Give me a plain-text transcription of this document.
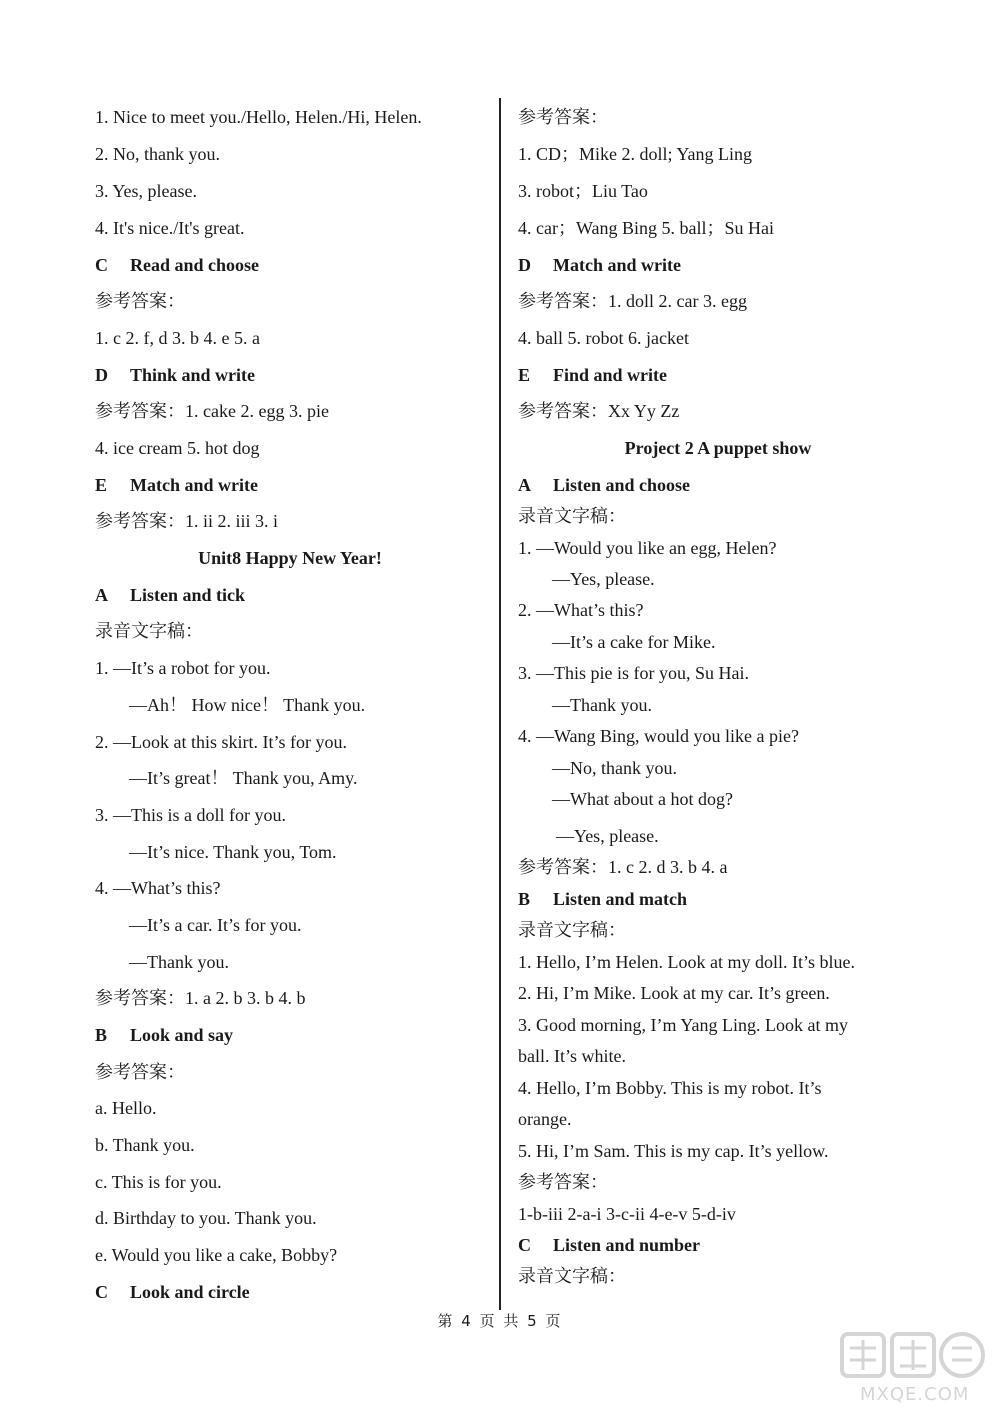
1. Nice to meet you./Hello, Helen./Hi, Helen.
2. No, thank you.
3. Yes, please.
4. It's nice./It's great.
C Read and choose
参考答案：
1. c 2. f, d 3. b 4. e 5. a
D Think and write
参考答案：1. cake 2. egg 3. pie
4. ice cream 5. hot dog
E Match and write
参考答案：1. ii 2. iii 3. i
Unit8 Happy New Year!
A Listen and tick
录音文字稿：
1. —It’s a robot for you.
—Ah！ How nice！ Thank you.
2. —Look at this skirt. It’s for you.
—It’s great！ Thank you, Amy.
3. —This is a doll for you.
—It’s nice. Thank you, Tom.
4. —What’s this?
—It’s a car. It’s for you.
—Thank you.
参考答案：1. a 2. b 3. b 4. b
B Look and say
参考答案：
a. Hello.
b. Thank you.
c. This is for you.
d. Birthday to you. Thank you.
e. Would you like a cake, Bobby?
C Look and circle
参考答案：
1. CD；Mike 2. doll; Yang Ling
3. robot；Liu Tao
4. car；Wang Bing 5. ball；Su Hai
D Match and write
参考答案：1. doll 2. car 3. egg
4. ball 5. robot 6. jacket
E Find and write
参考答案：Xx Yy Zz
Project 2 A puppet show
A Listen and choose
录音文字稿：
1. —Would you like an egg, Helen?
—Yes, please.
2. —What’s this?
—It’s a cake for Mike.
3. —This pie is for you, Su Hai.
—Thank you.
4. —Wang Bing, would you like a pie?
—No, thank you.
—What about a hot dog?
—Yes, please.
参考答案：1. c 2. d 3. b 4. a
B Listen and match
录音文字稿：
1. Hello, I’m Helen. Look at my doll. It’s blue.
2. Hi, I’m Mike. Look at my car. It’s green.
3. Good morning, I’m Yang Ling. Look at my
ball. It’s white.
4. Hello, I’m Bobby. This is my robot. It’s
orange.
5. Hi, I’m Sam. This is my cap. It’s yellow.
参考答案：
1-b-iii 2-a-i 3-c-ii 4-e-v 5-d-iv
C Listen and number
录音文字稿：
第 4 页 共 5 页
MXQE.COM
